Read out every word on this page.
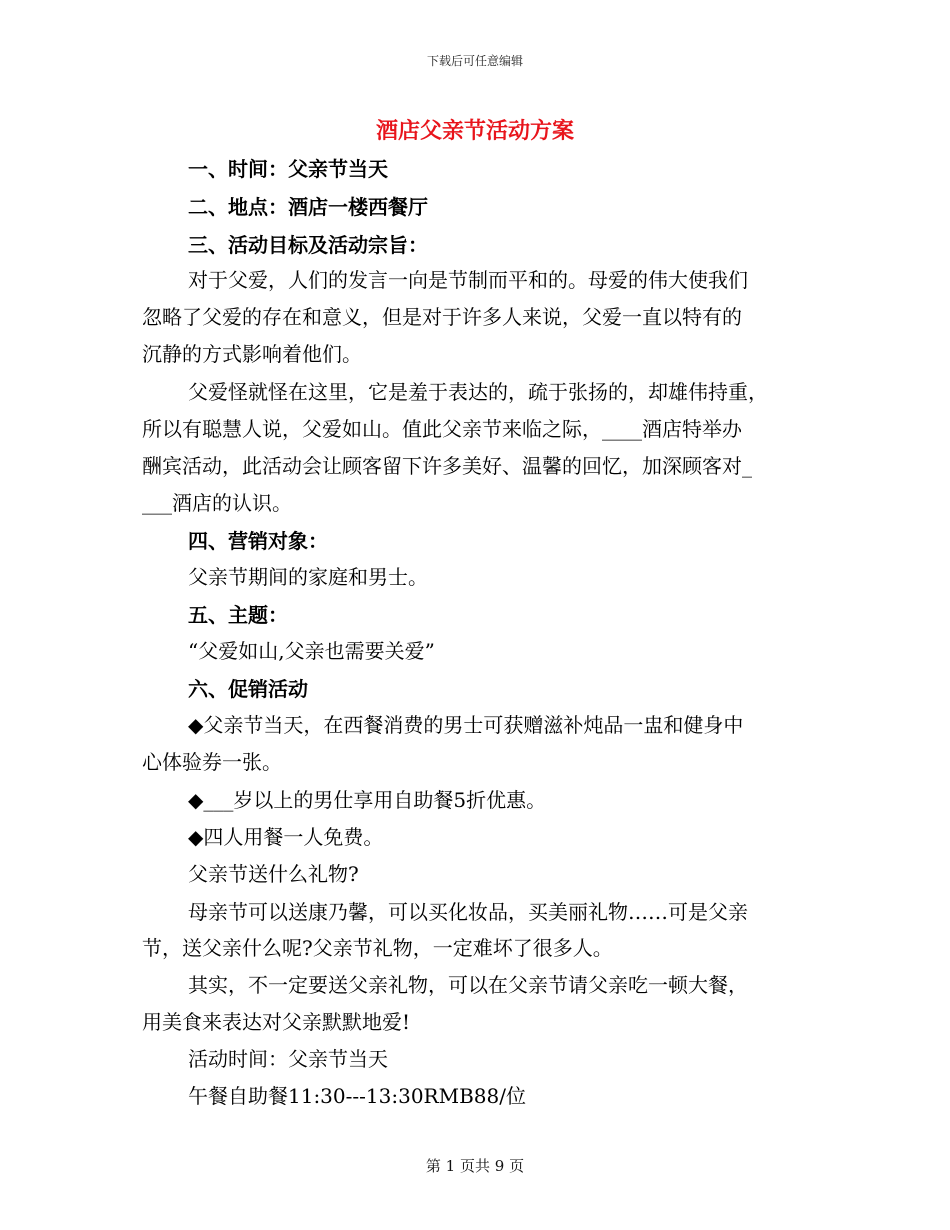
下载后可任意编辑
酒店父亲节活动方案
一、时间：父亲节当天
二、地点：酒店一楼西餐厅
三、活动目标及活动宗旨：
对于父爱，人们的发言一向是节制而平和的。母爱的伟大使我们
忽略了父爱的存在和意义，但是对于许多人来说，父爱一直以特有的
沉静的方式影响着他们。
父爱怪就怪在这里，它是羞于表达的，疏于张扬的，却雄伟持重，
所以有聪慧人说，父爱如山。值此父亲节来临之际，____酒店特举办
酬宾活动，此活动会让顾客留下许多美好、温馨的回忆，加深顾客对_
___酒店的认识。
四、营销对象：
父亲节期间的家庭和男士。
五、主题：
“父爱如山,父亲也需要关爱”
六、促销活动
◆父亲节当天，在西餐消费的男士可获赠滋补炖品一盅和健身中
心体验券一张。
◆___岁以上的男仕享用自助餐5折优惠。
◆四人用餐一人免费。
父亲节送什么礼物?
母亲节可以送康乃馨，可以买化妆品，买美丽礼物……可是父亲
节，送父亲什么呢?父亲节礼物，一定难坏了很多人。
其实，不一定要送父亲礼物，可以在父亲节请父亲吃一顿大餐，
用美食来表达对父亲默默地爱!
活动时间：父亲节当天
午餐自助餐11:30---13:30RMB88/位
第 1 页共 9 页
